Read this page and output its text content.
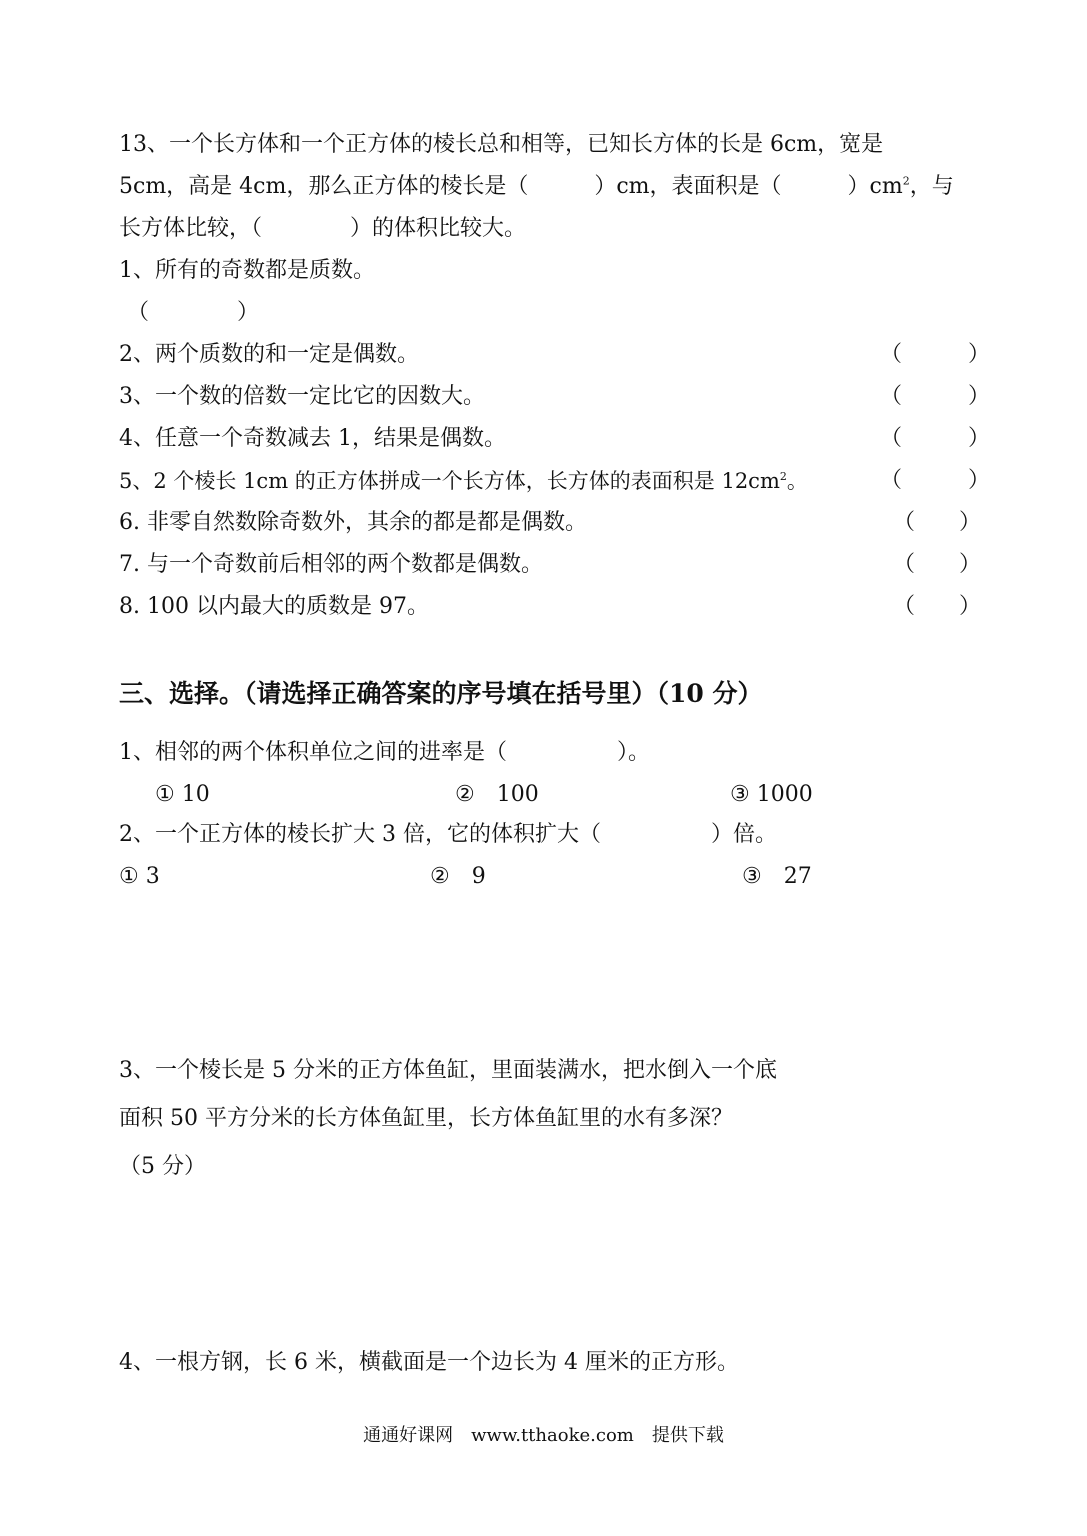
13、一个长方体和一个正方体的棱长总和相等，已知长方体的长是 6cm，宽是
5cm，高是 4cm，那么正方体的棱长是（　　　）cm，表面积是（　　　）$cm^2$，与
长方体比较，（　　　　）的体积比较大。
1、所有的奇数都是质数。
（　　　　）
2、两个质数的和一定是偶数。	（　　　）
3、一个数的倍数一定比它的因数大。	（　　　）
4、任意一个奇数减去 1，结果是偶数。	（　　　）
5、2 个棱长 1cm 的正方体拼成一个长方体，长方体的表面积是 $12cm^2$。	（　　　）
6. 非零自然数除奇数外，其余的都是都是偶数。	（　　）
7. 与一个奇数前后相邻的两个数都是偶数。	（　　）
8. 100 以内最大的质数是 97。	（　　）
三、选择。（请选择正确答案的序号填在括号里）（10 分）
1、相邻的两个体积单位之间的进率是（　　　　　）。
① 10	②　100	③ 1000
2、一个正方体的棱长扩大 3 倍，它的体积扩大（　　　　　）倍。
① 3	②　9	③　27
3、一个棱长是 5 分米的正方体鱼缸，里面装满水，把水倒入一个底
面积 50 平方分米的长方体鱼缸里，长方体鱼缸里的水有多深？
（5 分）
4、一根方钢，长 6 米，横截面是一个边长为 4 厘米的正方形。
通通好课网　www.tthaoke.com　提供下载
